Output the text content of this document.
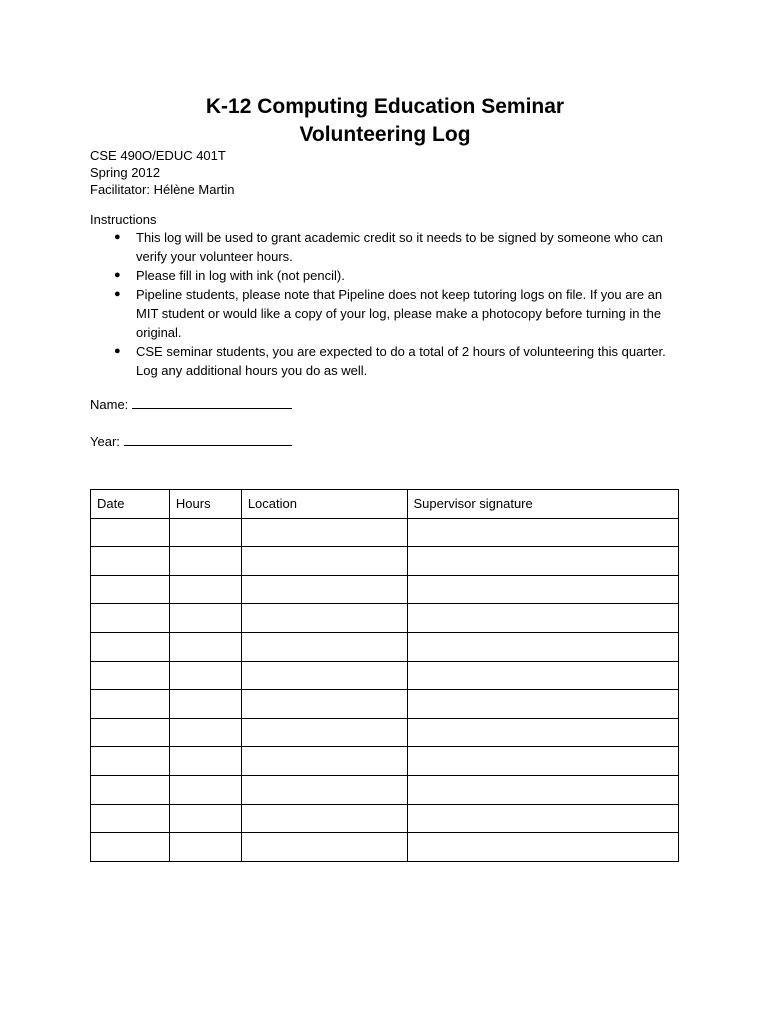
K-12 Computing Education Seminar
Volunteering Log
CSE 490O/EDUC 401T
Spring 2012
Facilitator: Hélène Martin
Instructions
● This log will be used to grant academic credit so it needs to be signed by someone who can verify your volunteer hours.
● Please fill in log with ink (not pencil).
● Pipeline students, please note that Pipeline does not keep tutoring logs on file. If you are an MIT student or would like a copy of your log, please make a photocopy before turning in the original.
● CSE seminar students, you are expected to do a total of 2 hours of volunteering this quarter. Log any additional hours you do as well.
Name:
Year:
Date	Hours	Location	Supervisor signature
